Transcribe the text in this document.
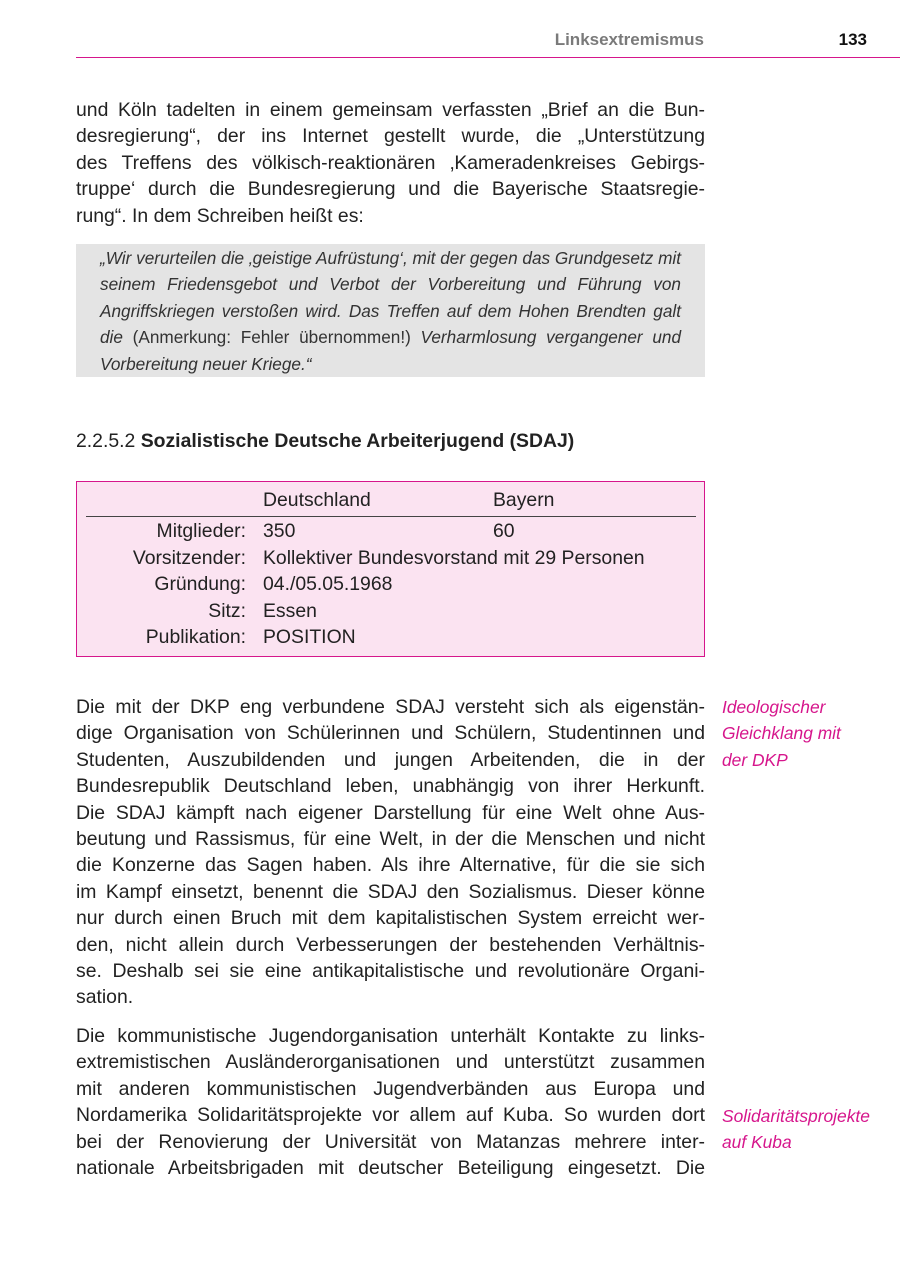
Linksextremismus	133
und Köln tadelten in einem gemeinsam verfassten „Brief an die Bun-
desregierung“, der ins Internet gestellt wurde, die „Unterstützung
des Treffens des völkisch-reaktionären ‚Kameradenkreises Gebirgs-
truppe‘ durch die Bundesregierung und die Bayerische Staatsregie-
rung“. In dem Schreiben heißt es:
„Wir verurteilen die ‚geistige Aufrüstung‘, mit der gegen das Grundgesetz mit seinem Friedensgebot und Verbot der Vorbereitung und Führung von Angriffskriegen verstoßen wird. Das Treffen auf dem Hohen Brendten galt die (Anmerkung: Fehler übernommen!) Verharmlosung vergangener und Vorbereitung neuer Kriege.“
2.2.5.2 Sozialistische Deutsche Arbeiterjugend (SDAJ)
Deutschland	Bayern
Mitglieder: 350	60
Vorsitzender: Kollektiver Bundesvorstand mit 29 Personen
Gründung: 04./05.05.1968
Sitz: Essen
Publikation: POSITION
Die mit der DKP eng verbundene SDAJ versteht sich als eigenstän-
dige Organisation von Schülerinnen und Schülern, Studentinnen und
Studenten, Auszubildenden und jungen Arbeitenden, die in der
Bundesrepublik Deutschland leben, unabhängig von ihrer Herkunft.
Die SDAJ kämpft nach eigener Darstellung für eine Welt ohne Aus-
beutung und Rassismus, für eine Welt, in der die Menschen und nicht
die Konzerne das Sagen haben. Als ihre Alternative, für die sie sich
im Kampf einsetzt, benennt die SDAJ den Sozialismus. Dieser könne
nur durch einen Bruch mit dem kapitalistischen System erreicht wer-
den, nicht allein durch Verbesserungen der bestehenden Verhältnis-
se. Deshalb sei sie eine antikapitalistische und revolutionäre Organi-
sation.
Die kommunistische Jugendorganisation unterhält Kontakte zu links-
extremistischen Ausländerorganisationen und unterstützt zusammen
mit anderen kommunistischen Jugendverbänden aus Europa und
Nordamerika Solidaritätsprojekte vor allem auf Kuba. So wurden dort
bei der Renovierung der Universität von Matanzas mehrere inter-
nationale Arbeitsbrigaden mit deutscher Beteiligung eingesetzt. Die
Ideologischer
Gleichklang mit
der DKP
Solidaritätsprojekte
auf Kuba
